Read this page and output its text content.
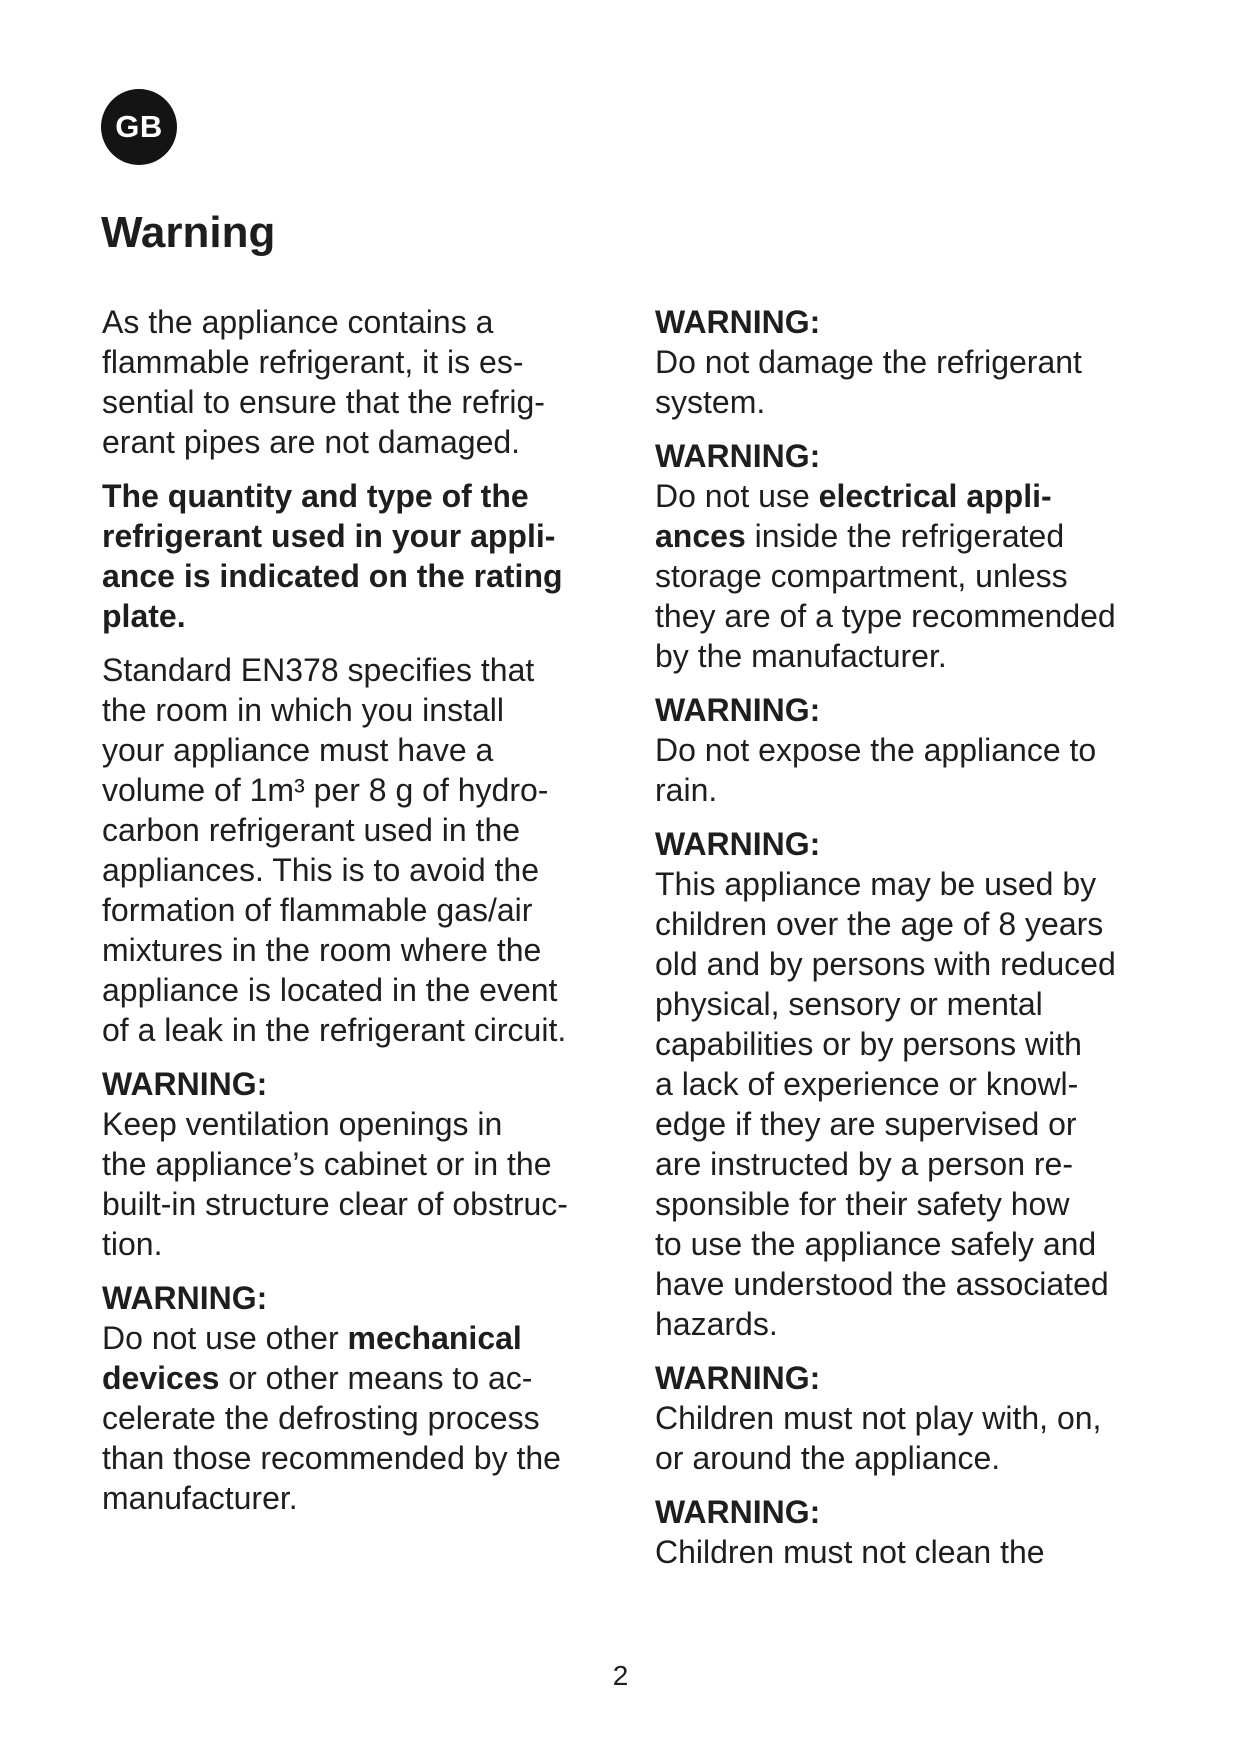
GB
Warning

As the appliance contains a
flammable refrigerant, it is es-
sential to ensure that the refrig-
erant pipes are not damaged.

The quantity and type of the
refrigerant used in your appli-
ance is indicated on the rating
plate.

Standard EN378 specifies that
the room in which you install
your appliance must have a
volume of 1m³ per 8 g of hydro-
carbon refrigerant used in the
appliances. This is to avoid the
formation of flammable gas/air
mixtures in the room where the
appliance is located in the event
of a leak in the refrigerant circuit.

WARNING:

Keep ventilation openings in
the appliance’s cabinet or in the
built-in structure clear of obstruc-
tion.

WARNING:

Do not use other mechanical
devices or other means to ac-
celerate the defrosting process
than those recommended by the
manufacturer.

WARNING:

Do not damage the refrigerant
system.

WARNING:

Do not use electrical appli-
ances inside the refrigerated
storage compartment, unless
they are of a type recommended
by the manufacturer.

WARNING:

Do not expose the appliance to
rain.

WARNING:

This appliance may be used by
children over the age of 8 years
old and by persons with reduced
physical, sensory or mental
capabilities or by persons with
a lack of experience or knowl-
edge if they are supervised or
are instructed by a person re-
sponsible for their safety how
to use the appliance safely and
have understood the associated
hazards.

WARNING:

Children must not play with, on,
or around the appliance.

WARNING:

Children must not clean the

2
